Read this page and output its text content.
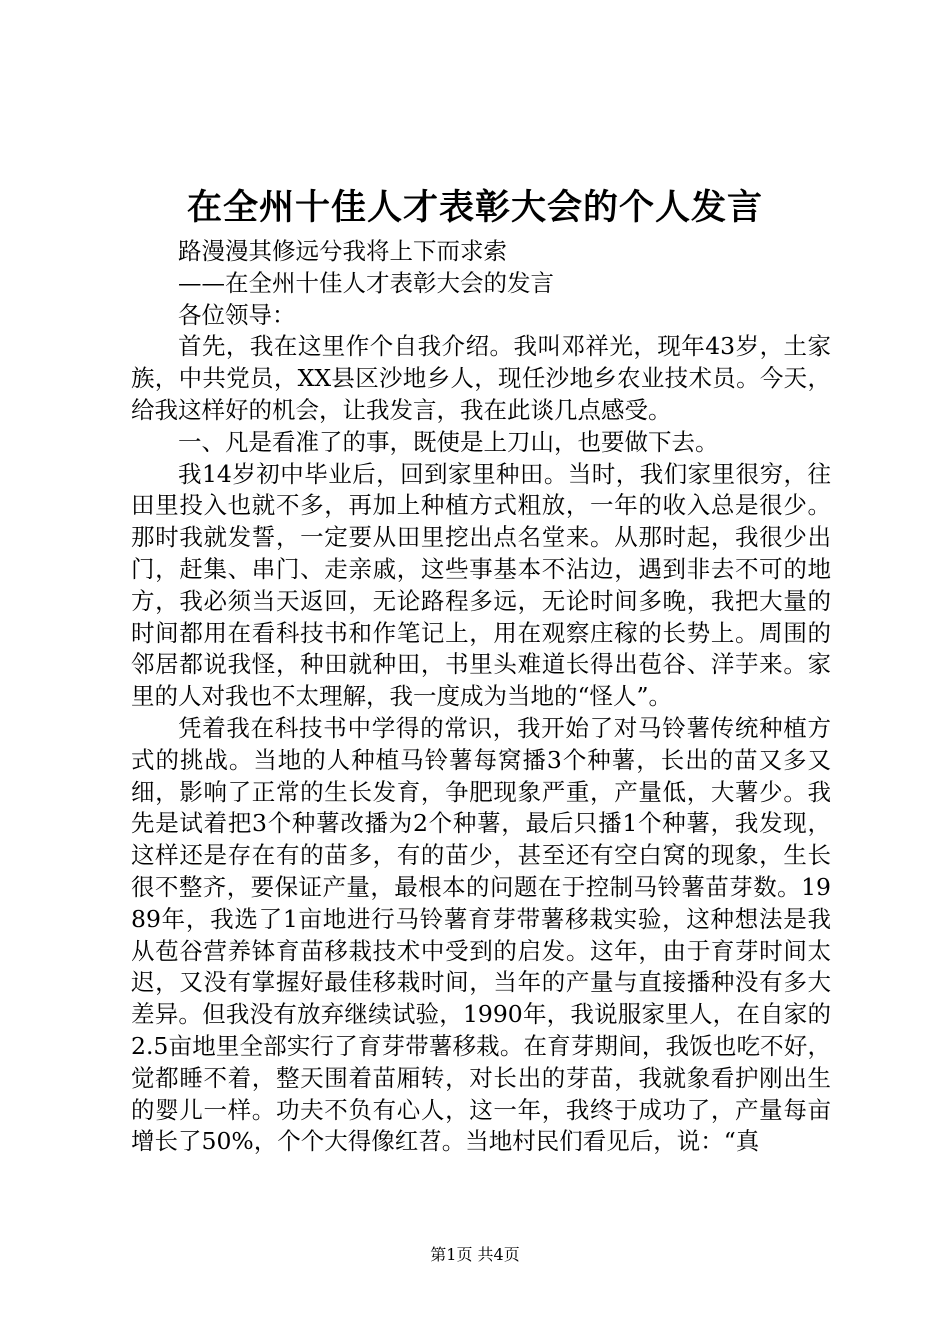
在全州十佳人才表彰大会的个人发言

路漫漫其修远兮我将上下而求索

——在全州十佳人才表彰大会的发言

各位领导：

首先，我在这里作个自我介绍。我叫邓祥光，现年43岁，土家族，中共党员，XX县区沙地乡人，现任沙地乡农业技术员。今天，给我这样好的机会，让我发言，我在此谈几点感受。

一、凡是看准了的事，既使是上刀山，也要做下去。

我14岁初中毕业后，回到家里种田。当时，我们家里很穷，往田里投入也就不多，再加上种植方式粗放，一年的收入总是很少。那时我就发誓，一定要从田里挖出点名堂来。从那时起，我很少出门，赶集、串门、走亲戚，这些事基本不沾边，遇到非去不可的地方，我必须当天返回，无论路程多远，无论时间多晚，我把大量的时间都用在看科技书和作笔记上，用在观察庄稼的长势上。周围的邻居都说我怪，种田就种田，书里头难道长得出苞谷、洋芋来。家里的人对我也不太理解，我一度成为当地的“怪人”。

凭着我在科技书中学得的常识，我开始了对马铃薯传统种植方式的挑战。当地的人种植马铃薯每窝播3个种薯，长出的苗又多又细，影响了正常的生长发育，争肥现象严重，产量低，大薯少。我先是试着把3个种薯改播为2个种薯，最后只播1个种薯，我发现，这样还是存在有的苗多，有的苗少，甚至还有空白窝的现象，生长很不整齐，要保证产量，最根本的问题在于控制马铃薯苗芽数。1989年，我选了1亩地进行马铃薯育芽带薯移栽实验，这种想法是我从苞谷营养钵育苗移栽技术中受到的启发。这年，由于育芽时间太迟，又没有掌握好最佳移栽时间，当年的产量与直接播种没有多大差异。但我没有放弃继续试验，1990年，我说服家里人，在自家的2.5亩地里全部实行了育芽带薯移栽。在育芽期间，我饭也吃不好，觉都睡不着，整天围着苗厢转，对长出的芽苗，我就象看护刚出生的婴儿一样。功夫不负有心人，这一年，我终于成功了，产量每亩增长了50%，个个大得像红苕。当地村民们看见后，说：“真

第1页 共4页
